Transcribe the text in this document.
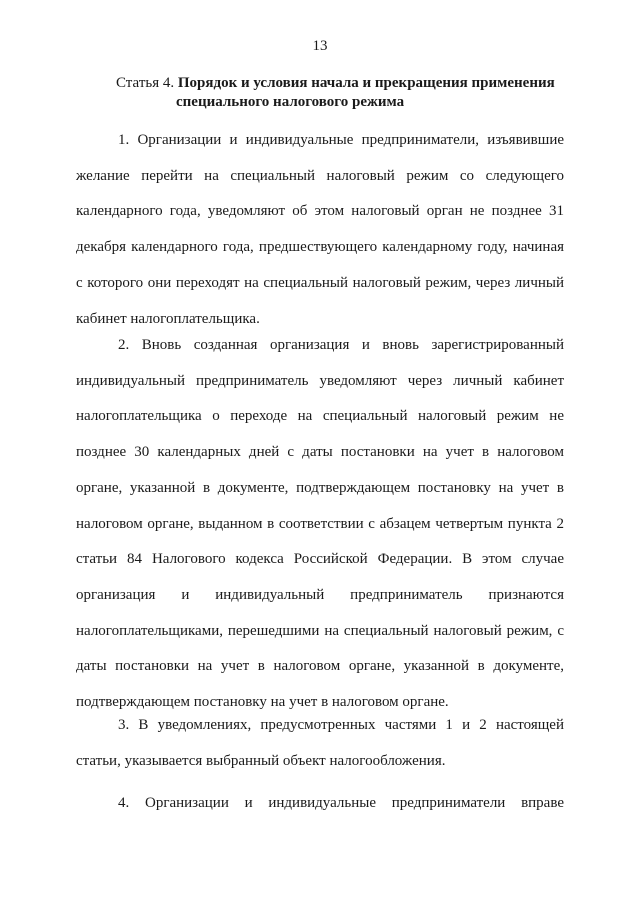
13
Статья 4. Порядок и условия начала и прекращения применения
специального налогового режима

1. Организации и индивидуальные предприниматели, изъявившие желание перейти на специальный налоговый режим со следующего календарного года, уведомляют об этом налоговый орган не позднее 31 декабря календарного года, предшествующего календарному году, начиная с которого они переходят на специальный налоговый режим, через личный кабинет налогоплательщика.

2. Вновь созданная организация и вновь зарегистрированный индивидуальный предприниматель уведомляют через личный кабинет налогоплательщика о переходе на специальный налоговый режим не позднее 30 календарных дней с даты постановки на учет в налоговом органе, указанной в документе, подтверждающем постановку на учет в налоговом органе, выданном в соответствии с абзацем четвертым пункта 2 статьи 84 Налогового кодекса Российской Федерации. В этом случае организация и индивидуальный предприниматель признаются налогоплательщиками, перешедшими на специальный налоговый режим, с даты постановки на учет в налоговом органе, указанной в документе, подтверждающем постановку на учет в налоговом органе.

3. В уведомлениях, предусмотренных частями 1 и 2 настоящей статьи, указывается выбранный объект налогообложения.

4. Организации и индивидуальные предприниматели вправе
